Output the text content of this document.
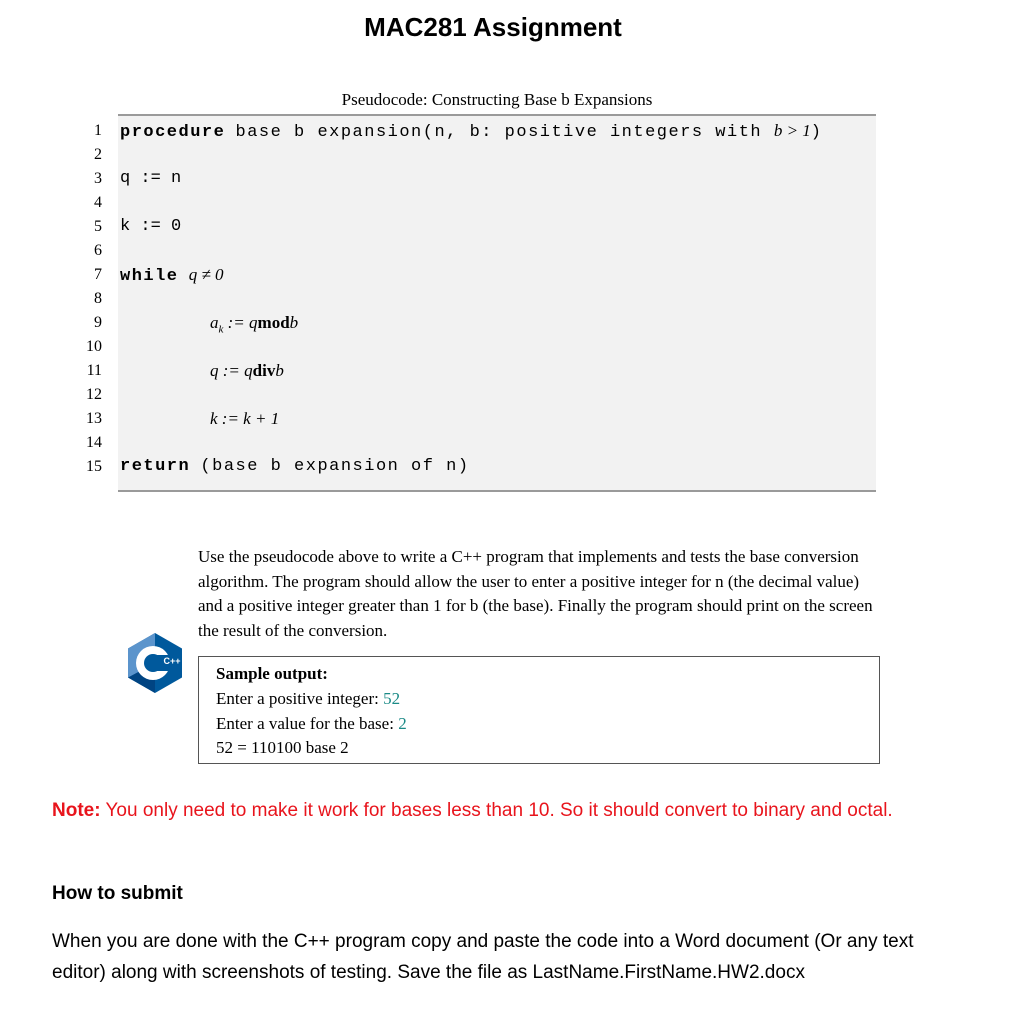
MAC281 Assignment
Pseudocode: Constructing Base b Expansions
1
2
3
4
5
6
7
8
9
10
11
12
13
14
15
procedure base b expansion(n, b: positive integers with b > 1)
q := n
k := 0
while q ≠ 0
$a_k$ := qmodb
q := qdivb
k := k + 1
return (base b expansion of n)
Use the pseudocode above to write a C++ program that implements and tests the base conversion algorithm. The program should allow the user to enter a positive integer for n (the decimal value) and a positive integer greater than 1 for b (the base). Finally the program should print on the screen the result of the conversion.
C++
Sample output:
Enter a positive integer: 52
Enter a value for the base: 2
52 = 110100 base 2
Note: You only need to make it work for bases less than 10. So it should convert to binary and octal.
How to submit
When you are done with the C++ program copy and paste the code into a Word document (Or any text editor) along with screenshots of testing. Save the file as LastName.FirstName.HW2.docx
